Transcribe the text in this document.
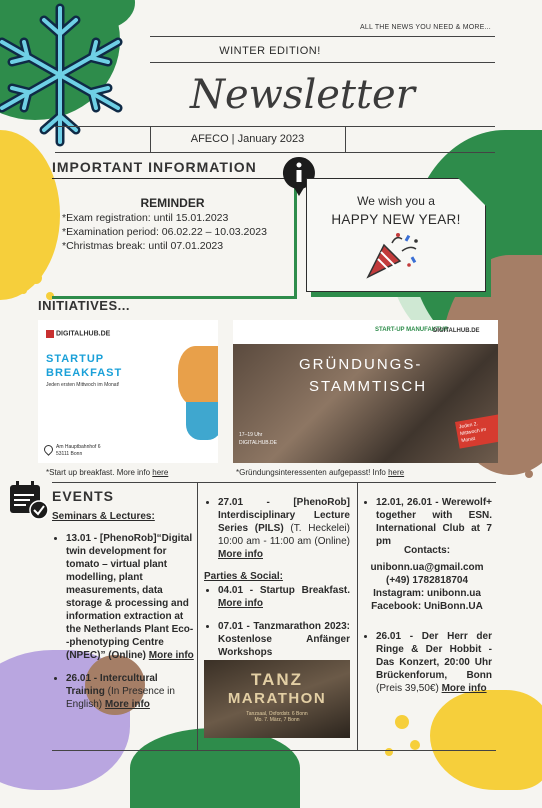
ALL THE NEWS YOU NEED & MORE...
WINTER EDITION!
Newsletter
AFECO | January 2023
IMPORTANT INFORMATION
REMINDER
*Exam registration: until 15.01.2023
*Examination period: 06.02.22 – 10.03.2023
*Christmas break: until 07.01.2023
We wish you a
HAPPY NEW YEAR!
INITIATIVES...
DIGITALHUB.DE
STARTUP
BREAKFAST
Jeden ersten Mittwoch im Monat!
Am Hauptbahnhof 6
53111 Bonn
*Start up breakfast. More info here
START-UP MANUFAKTUR
DIGITALHUB.DE
GRÜNDUNGS-
STAMMTISCH
17–19 Uhr
DIGITALHUB.DE
Jeden 2. Mittwoch im Monat
*Gründungsinteressenten aufgepasst! Info here
EVENTS
Seminars & Lectures:
• 13.01 - [PhenoRob]“Digital twin development for tomato – virtual plant modelling, plant measurements, data storage & processing and information extraction at the Netherlands Plant Eco--phenotyping Centre (NPEC)” (Online) More info
• 26.01 - Intercultural Training (In Presence in English) More info
• 27.01 - [PhenoRob] Interdisciplinary Lecture Series (PILS) (T. Heckelei) 10:00 am - 11:00 am (Online) More info
Parties & Social:
• 04.01 - Startup Breakfast. More info
• 07.01 - Tanzmarathon 2023: Kostenlose Anfänger Workshops
TANZ
MARATHON
Tanzsaal, Oxfordstr. 6 Bonn
Mo. 7. März, 7 Bonn
• 12.01, 26.01 - Werewolf+ together with ESN. International Club at 7 pm
Contacts:
unibonn.ua@gmail.com
(+49) 1782818704
Instagram: unibonn.ua
Facebook: UniBonn.UA
• 26.01 - Der Herr der Ringe & Der Hobbit - Das Konzert, 20:00 Uhr Brückenforum, Bonn (Preis 39,50€) More info
